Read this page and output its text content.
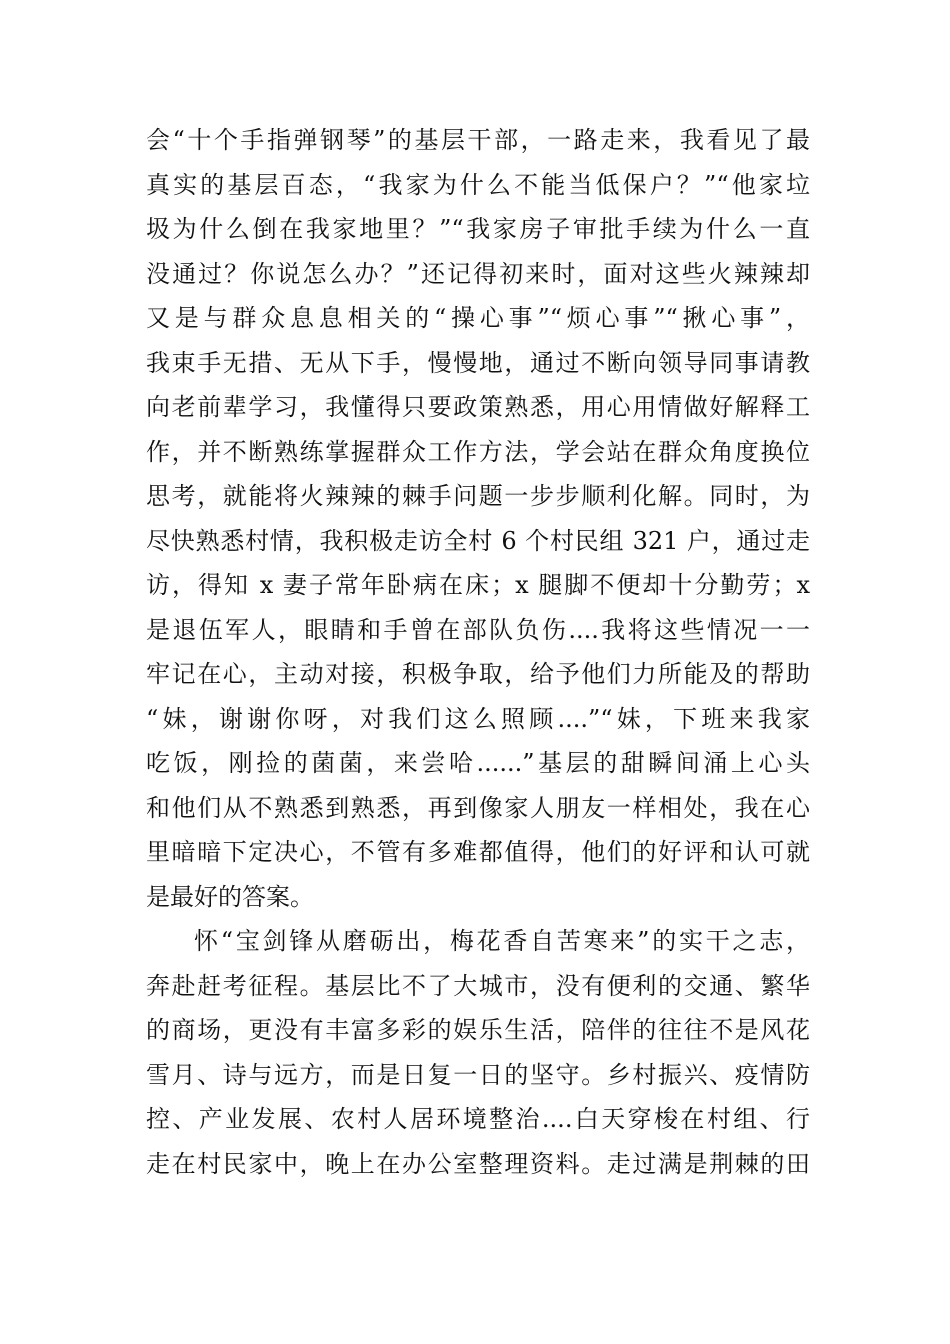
会“十个手指弹钢琴”的基层干部，一路走来，我看见了最
真实的基层百态，“我家为什么不能当低保户？”“他家垃
圾为什么倒在我家地里？”“我家房子审批手续为什么一直
没通过？你说怎么办？”还记得初来时，面对这些火辣辣却
又是与群众息息相关的“操心事”“烦心事”“揪心事”，
我束手无措、无从下手，慢慢地，通过不断向领导同事请教
向老前辈学习，我懂得只要政策熟悉，用心用情做好解释工
作，并不断熟练掌握群众工作方法，学会站在群众角度换位
思考，就能将火辣辣的棘手问题一步步顺利化解。同时，为
尽快熟悉村情，我积极走访全村 6 个村民组 321 户，通过走
访，得知 x 妻子常年卧病在床；x 腿脚不便却十分勤劳；x
是退伍军人，眼睛和手曾在部队负伤....我将这些情况一一
牢记在心，主动对接，积极争取，给予他们力所能及的帮助
“妹，谢谢你呀，对我们这么照顾....”“妹，下班来我家
吃饭，刚捡的菌菌，来尝哈......”基层的甜瞬间涌上心头
和他们从不熟悉到熟悉，再到像家人朋友一样相处，我在心
里暗暗下定决心，不管有多难都值得，他们的好评和认可就
是最好的答案。
怀“宝剑锋从磨砺出，梅花香自苦寒来”的实干之志，
奔赴赶考征程。基层比不了大城市，没有便利的交通、繁华
的商场，更没有丰富多彩的娱乐生活，陪伴的往往不是风花
雪月、诗与远方，而是日复一日的坚守。乡村振兴、疫情防
控、产业发展、农村人居环境整治....白天穿梭在村组、行
走在村民家中，晚上在办公室整理资料。走过满是荆棘的田
